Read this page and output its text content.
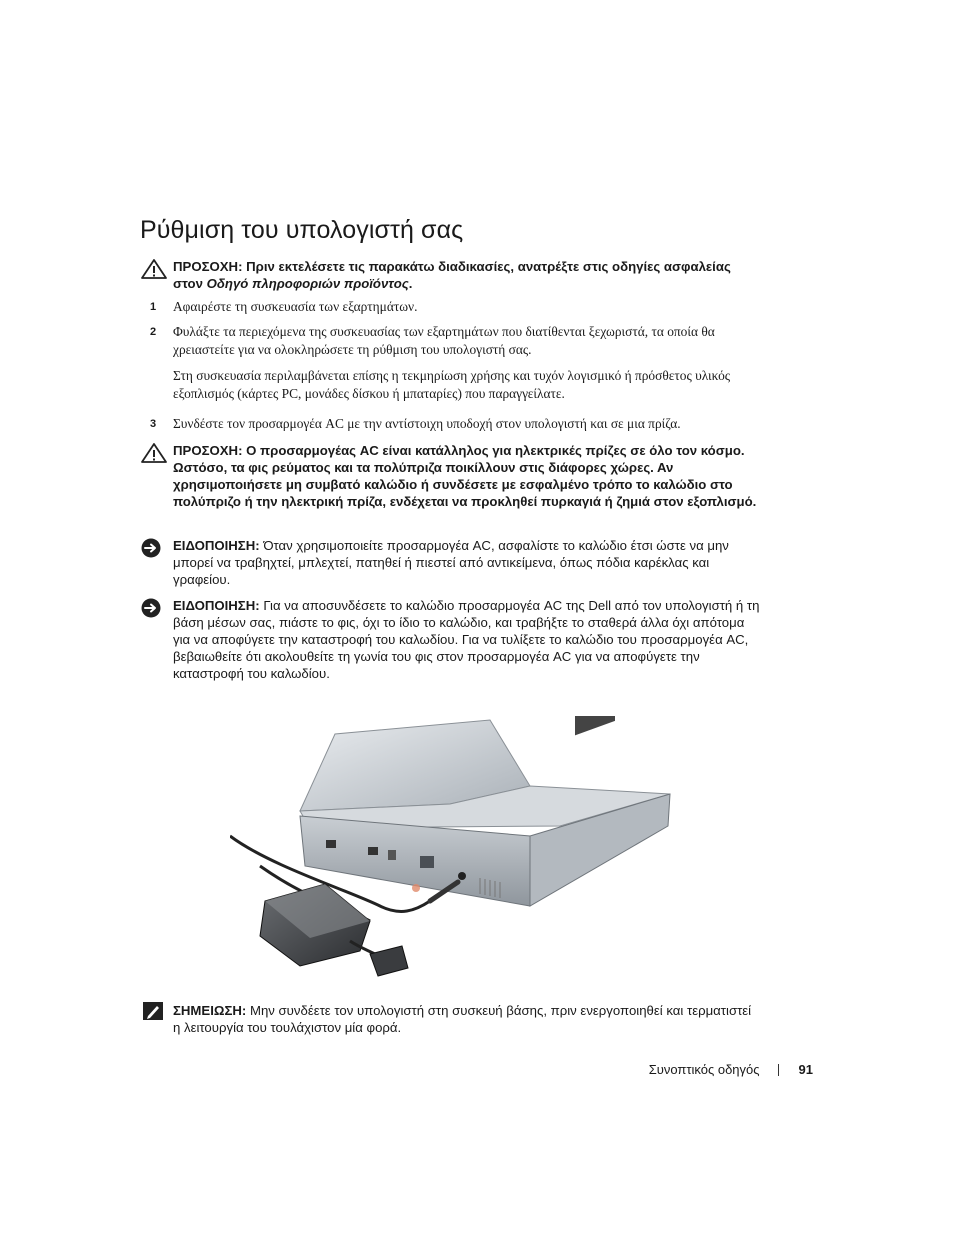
Ρύθμιση του υπολογιστή σας
ΠΡΟΣΟΧΗ: Πριν εκτελέσετε τις παρακάτω διαδικασίες, ανατρέξτε στις οδηγίες ασφαλείας στον Οδηγό πληροφοριών προϊόντος.
1 Αφαιρέστε τη συσκευασία των εξαρτημάτων.

2 Φυλάξτε τα περιεχόμενα της συσκευασίας των εξαρτημάτων που διατίθενται ξεχωριστά, τα οποία θα χρειαστείτε για να ολοκληρώσετε τη ρύθμιση του υπολογιστή σας.

Στη συσκευασία περιλαμβάνεται επίσης η τεκμηρίωση χρήσης και τυχόν λογισμικό ή πρόσθετος υλικός εξοπλισμός (κάρτες PC, μονάδες δίσκου ή μπαταρίες) που παραγγείλατε.

3 Συνδέστε τον προσαρμογέα AC με την αντίστοιχη υποδοχή στον υπολογιστή και σε μια πρίζα.

ΠΡΟΣΟΧΗ: Ο προσαρμογέας AC είναι κατάλληλος για ηλεκτρικές πρίζες σε όλο τον κόσμο. Ωστόσο, τα φις ρεύματος και τα πολύπριζα ποικίλλουν στις διάφορες χώρες. Αν χρησιμοποιήσετε μη συμβατό καλώδιο ή συνδέσετε με εσφαλμένο τρόπο το καλώδιο στο πολύπριζο ή την ηλεκτρική πρίζα, ενδέχεται να προκληθεί πυρκαγιά ή ζημιά στον εξοπλισμό.
ΕΙΔΟΠΟΙΗΣΗ: Όταν χρησιμοποιείτε προσαρμογέα AC, ασφαλίστε το καλώδιο έτσι ώστε να μην μπορεί να τραβηχτεί, μπλεχτεί, πατηθεί ή πιεστεί από αντικείμενα, όπως πόδια καρέκλας και γραφείου.
ΕΙΔΟΠΟΙΗΣΗ: Για να αποσυνδέσετε το καλώδιο προσαρμογέα AC της Dell από τον υπολογιστή ή τη βάση μέσων σας, πιάστε το φις, όχι το ίδιο το καλώδιο, και τραβήξτε το σταθερά άλλα όχι απότομα για να αποφύγετε την καταστροφή του καλωδίου. Για να τυλίξετε το καλώδιο του προσαρμογέα AC, βεβαιωθείτε ότι ακολουθείτε τη γωνία του φις στον προσαρμογέα AC για να αποφύγετε την καταστροφή του καλωδίου.
ΣΗΜΕΙΩΣΗ: Μην συνδέετε τον υπολογιστή στη συσκευή βάσης, πριν ενεργοποιηθεί και τερματιστεί η λειτουργία του τουλάχιστον μία φορά.
Συνοπτικός οδηγός	91
